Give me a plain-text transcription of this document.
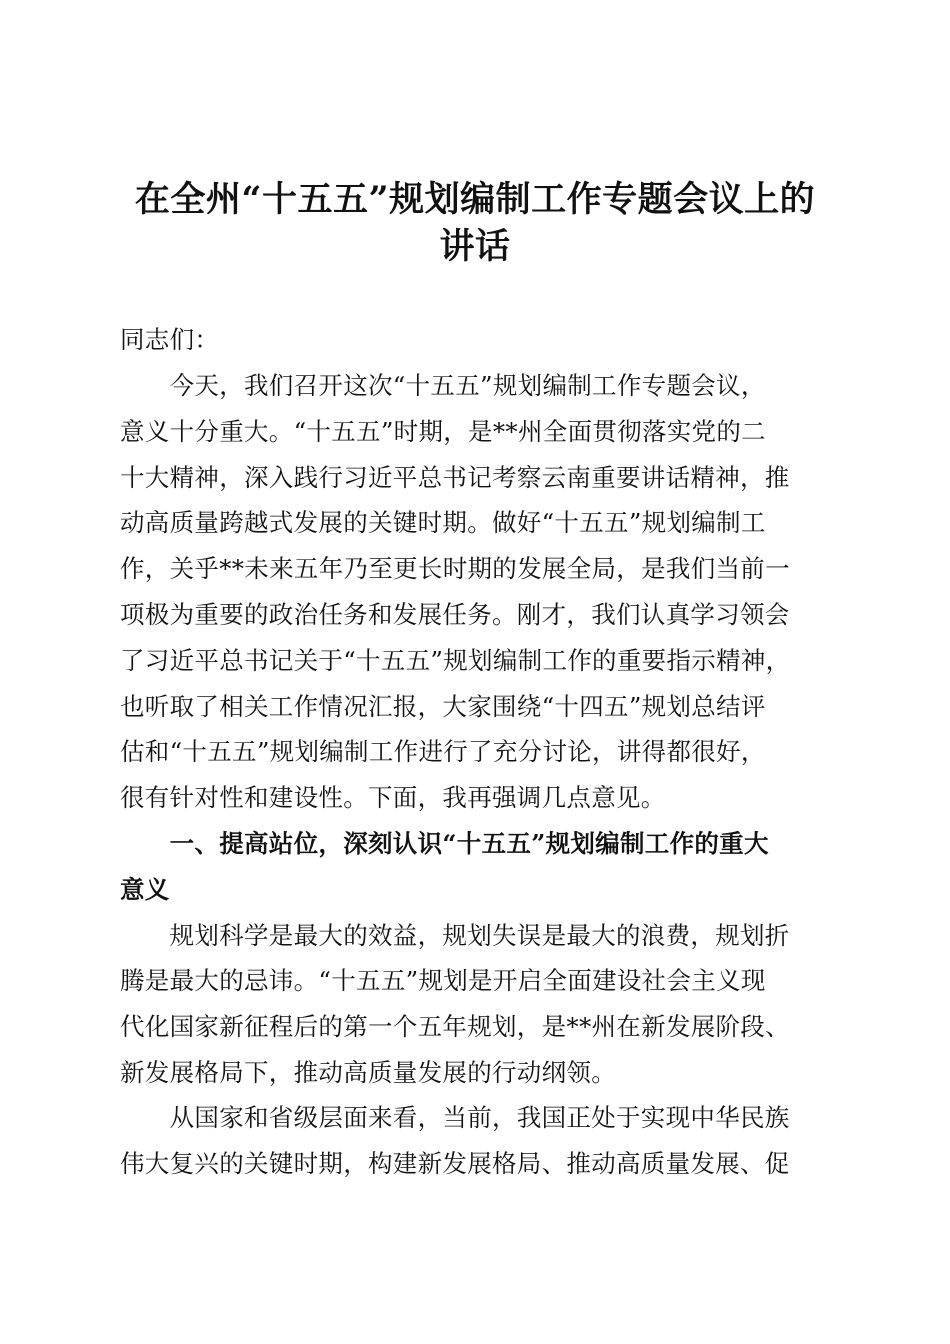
在全州“十五五”规划编制工作专题会议上的
讲话
同志们：
　　今天，我们召开这次“十五五”规划编制工作专题会议，
意义十分重大。“十五五”时期，是**州全面贯彻落实党的二
十大精神，深入践行习近平总书记考察云南重要讲话精神，推
动高质量跨越式发展的关键时期。做好“十五五”规划编制工
作，关乎**未来五年乃至更长时期的发展全局，是我们当前一
项极为重要的政治任务和发展任务。刚才，我们认真学习领会
了习近平总书记关于“十五五”规划编制工作的重要指示精神，
也听取了相关工作情况汇报，大家围绕“十四五”规划总结评
估和“十五五”规划编制工作进行了充分讨论，讲得都很好，
很有针对性和建设性。下面，我再强调几点意见。
　　一、提高站位，深刻认识“十五五”规划编制工作的重大
意义
　　规划科学是最大的效益，规划失误是最大的浪费，规划折
腾是最大的忌讳。“十五五”规划是开启全面建设社会主义现
代化国家新征程后的第一个五年规划，是**州在新发展阶段、
新发展格局下，推动高质量发展的行动纲领。
　　从国家和省级层面来看，当前，我国正处于实现中华民族
伟大复兴的关键时期，构建新发展格局、推动高质量发展、促
